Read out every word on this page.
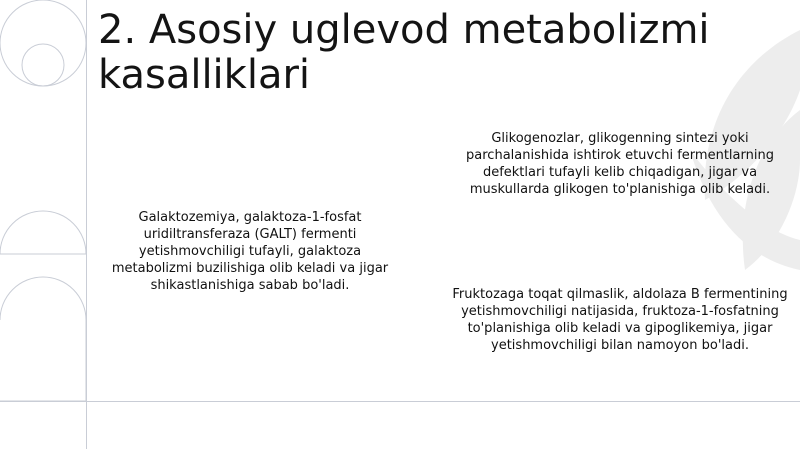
2. Asosiy uglevod metabolizmi kasalliklari

Glikogenozlar, glikogenning sintezi yoki parchalanishida ishtirok etuvchi fermentlarning defektlari tufayli kelib chiqadigan, jigar va muskullarda glikogen to'planishiga olib keladi.

Galaktozemiya, galaktoza-1-fosfat uridiltransferaza (GALT) fermenti yetishmovchiligi tufayli, galaktoza metabolizmi buzilishiga olib keladi va jigar shikastlanishiga sabab bo'ladi.

Fruktozaga toqat qilmaslik, aldolaza B fermentining yetishmovchiligi natijasida, fruktoza-1-fosfatning to'planishiga olib keladi va gipoglikemiya, jigar yetishmovchiligi bilan namoyon bo'ladi.
